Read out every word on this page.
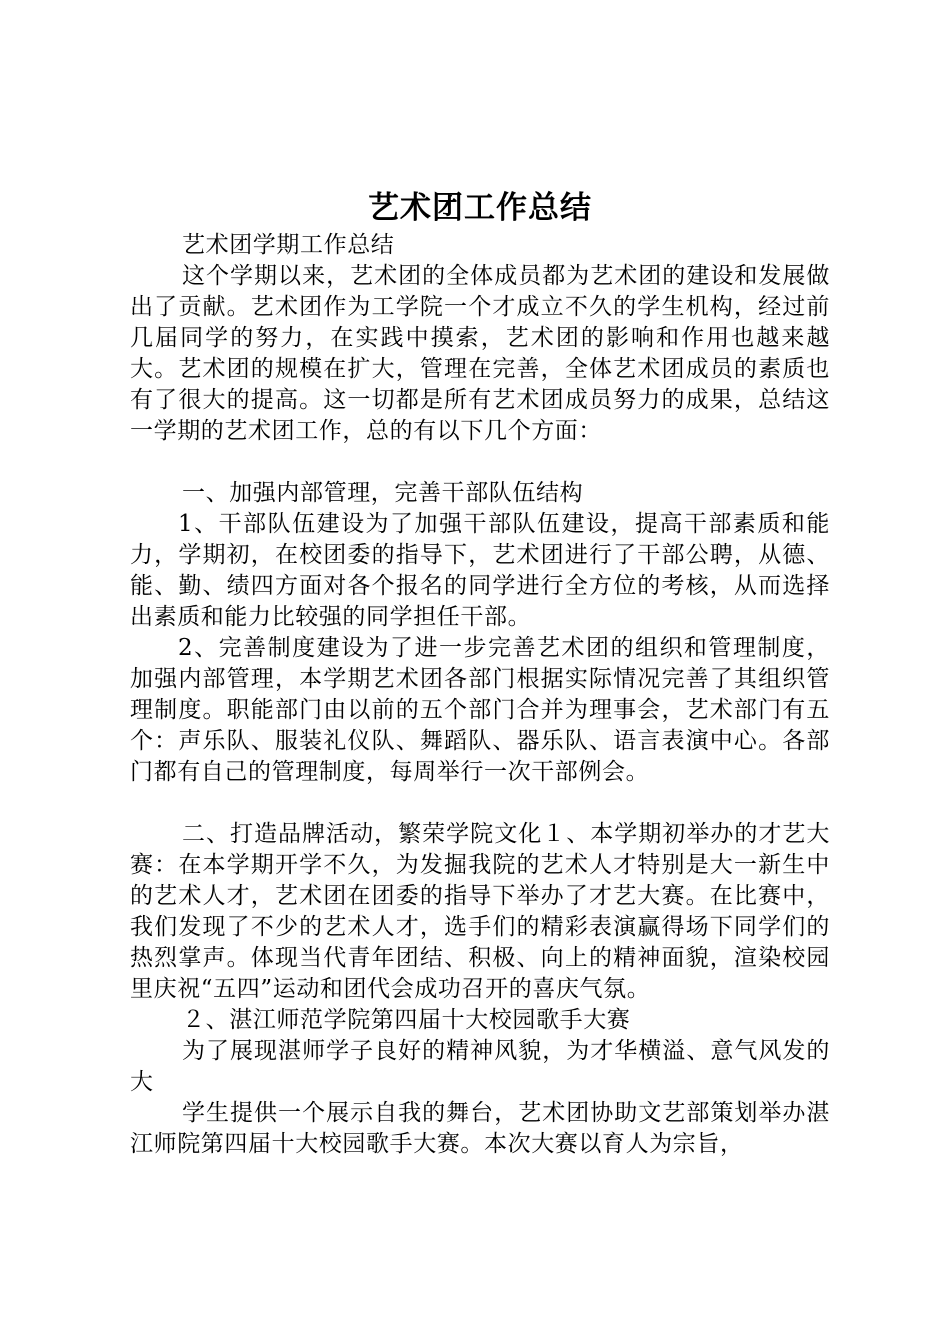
艺术团工作总结

艺术团学期工作总结

这个学期以来，艺术团的全体成员都为艺术团的建设和发展做出了贡献。艺术团作为工学院一个才成立不久的学生机构，经过前几届同学的努力，在实践中摸索，艺术团的影响和作用也越来越大。艺术团的规模在扩大，管理在完善，全体艺术团成员的素质也有了很大的提高。这一切都是所有艺术团成员努力的成果，总结这一学期的艺术团工作，总的有以下几个方面：

一、加强内部管理，完善干部队伍结构

1、干部队伍建设为了加强干部队伍建设，提高干部素质和能力，学期初，在校团委的指导下，艺术团进行了干部公聘，从德、能、勤、绩四方面对各个报名的同学进行全方位的考核，从而选择出素质和能力比较强的同学担任干部。

2、完善制度建设为了进一步完善艺术团的组织和管理制度，加强内部管理，本学期艺术团各部门根据实际情况完善了其组织管理制度。职能部门由以前的五个部门合并为理事会，艺术部门有五个：声乐队、服装礼仪队、舞蹈队、器乐队、语言表演中心。各部门都有自己的管理制度，每周举行一次干部例会。

二、打造品牌活动，繁荣学院文化１、本学期初举办的才艺大赛：在本学期开学不久，为发掘我院的艺术人才特别是大一新生中的艺术人才，艺术团在团委的指导下举办了才艺大赛。在比赛中，我们发现了不少的艺术人才，选手们的精彩表演赢得场下同学们的热烈掌声。体现当代青年团结、积极、向上的精神面貌，渲染校园里庆祝“五四”运动和团代会成功召开的喜庆气氛。

２、湛江师范学院第四届十大校园歌手大赛

为了展现湛师学子良好的精神风貌，为才华横溢、意气风发的大

学生提供一个展示自我的舞台，艺术团协助文艺部策划举办湛江师院第四届十大校园歌手大赛。本次大赛以育人为宗旨，
